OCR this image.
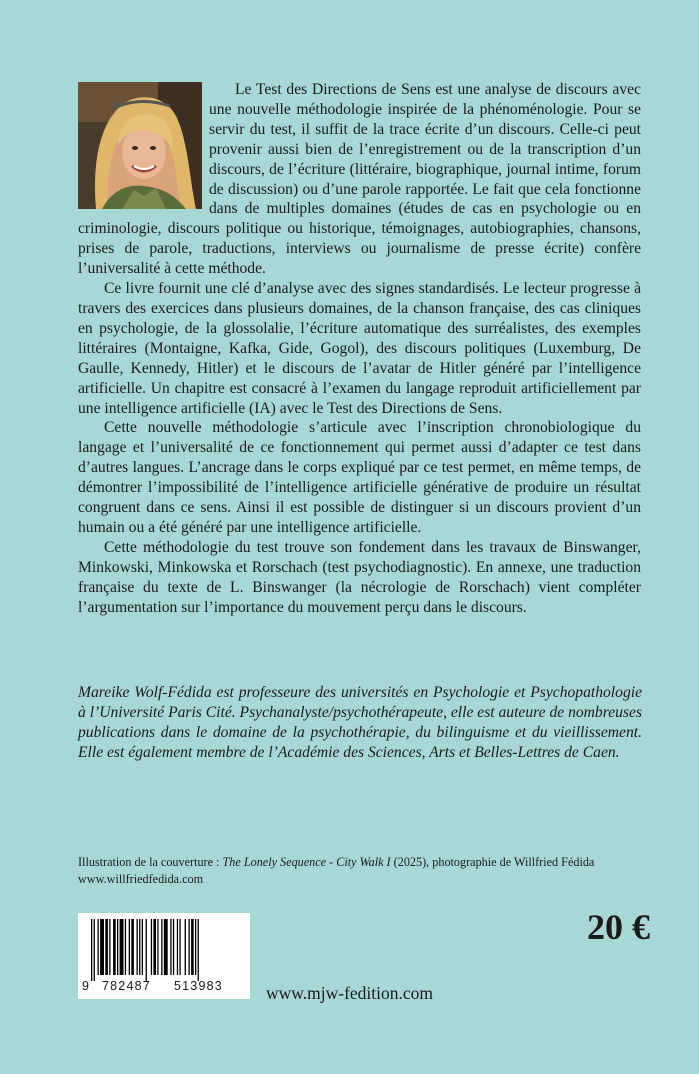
Le Test des Directions de Sens est une analyse de discours avec une nouvelle méthodologie inspirée de la phénoménologie. Pour se servir du test, il suffit de la trace écrite d’un discours. Celle-ci peut provenir aussi bien de l’enregistrement ou de la transcription d’un discours, de l’écriture (littéraire, biographique, journal intime, forum de discussion) ou d’une parole rapportée. Le fait que cela fonctionne dans de multiples domaines (études de cas en psychologie ou en criminologie, discours politique ou historique, témoignages, autobiographies, chansons, prises de parole, traductions, interviews ou journalisme de presse écrite) confère l’universalité à cette méthode.

Ce livre fournit une clé d’analyse avec des signes standardisés. Le lecteur progresse à travers des exercices dans plusieurs domaines, de la chanson française, des cas cliniques en psychologie, de la glossolalie, l’écriture automatique des surréalistes, des exemples littéraires (Montaigne, Kafka, Gide, Gogol), des discours politiques (Luxemburg, De Gaulle, Kennedy, Hitler) et le discours de l’avatar de Hitler généré par l’intelligence artificielle. Un chapitre est consacré à l’examen du langage reproduit artificiellement par une intelligence artificielle (IA) avec le Test des Directions de Sens.

Cette nouvelle méthodologie s’articule avec l’inscription chronobiologique du langage et l’universalité de ce fonctionnement qui permet aussi d’adapter ce test dans d’autres langues. L’ancrage dans le corps expliqué par ce test permet, en même temps, de démontrer l’impossibilité de l’intelligence artificielle générative de produire un résultat congruent dans ce sens. Ainsi il est possible de distinguer si un discours provient d’un humain ou a été généré par une intelligence artificielle.

Cette méthodologie du test trouve son fondement dans les travaux de Binswanger, Minkowski, Minkowska et Rorschach (test psychodiagnostic). En annexe, une traduction française du texte de L. Binswanger (la nécrologie de Rorschach) vient compléter l’argumentation sur l’importance du mouvement perçu dans le discours.

Mareike Wolf-Fédida est professeure des universités en Psychologie et Psychopathologie à l’Université Paris Cité. Psychanalyste/psychothérapeute, elle est auteure de nombreuses publications dans le domaine de la psychothérapie, du bilinguisme et du vieillissement. Elle est également membre de l’Académie des Sciences, Arts et Belles-Lettres de Caen.
Illustration de la couverture : The Lonely Sequence - City Walk I (2025), photographie de Willfried Fédida
www.willfriedfedida.com
9 782487 513983
20 €
www.mjw-fedition.com
